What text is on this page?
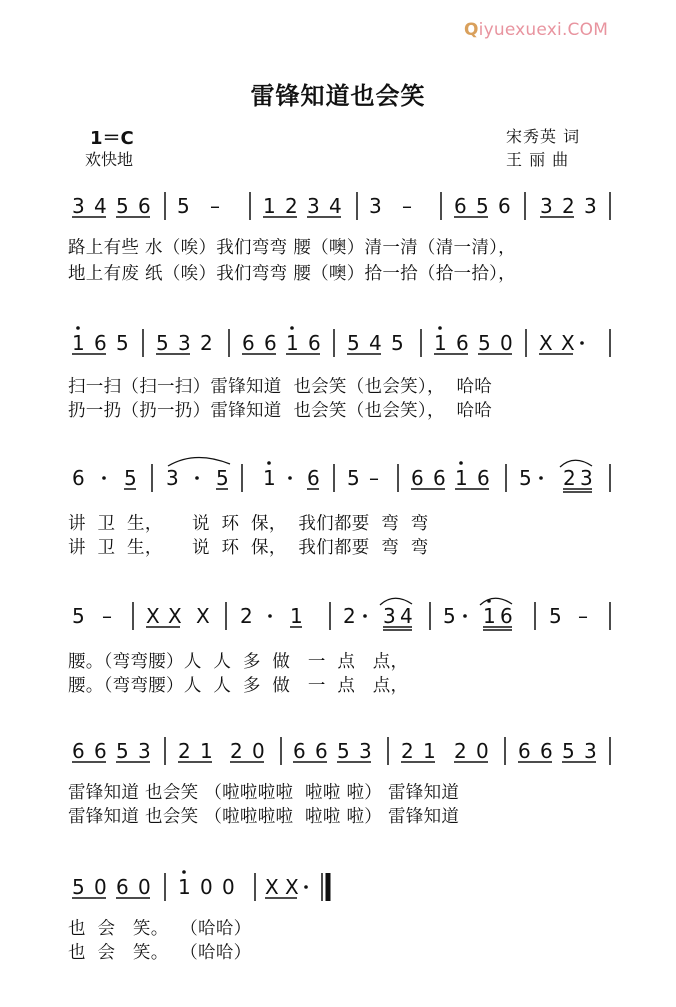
Qiyuexuexi.COM
雷锋知道也会笑
1＝C
欢快地
宋秀英 词
王 丽 曲
3 4 5 6 5 – 1 2 3 4 3 – 6 5 6 3 2 3
路上有些 水（唉）我们弯弯 腰（噢）清一清（清一清），
地上有废 纸（唉）我们弯弯 腰（噢）拾一拾（拾一拾），
1 6 5 5 3 2 6 6 1 6 5 4 5 1 6 5 0 X X
扫一扫（扫一扫）雷锋知道  也会笑（也会笑），  哈哈
扔一扔（扔一扔）雷锋知道  也会笑（也会笑），  哈哈
6 5 3 5 1 6 5 – 6 6 1 6 5 2 3
讲  卫  生，     说  环  保，  我们都要  弯  弯
讲  卫  生，     说  环  保，  我们都要  弯  弯
5 – X X X 2 1 2 3 4 5 1 6 5 –
腰。（弯弯腰）人  人  多  做   一  点   点，
腰。（弯弯腰）人  人  多  做   一  点   点，
6 6 5 3 2 1 2 0 6 6 5 3 2 1 2 0 6 6 5 3
雷锋知道 也会笑 （啦啦啦啦  啦啦 啦） 雷锋知道
雷锋知道 也会笑 （啦啦啦啦  啦啦 啦） 雷锋知道
5 0 6 0 1 0 0 X X
也  会   笑。  （哈哈）
也  会   笑。  （哈哈）
